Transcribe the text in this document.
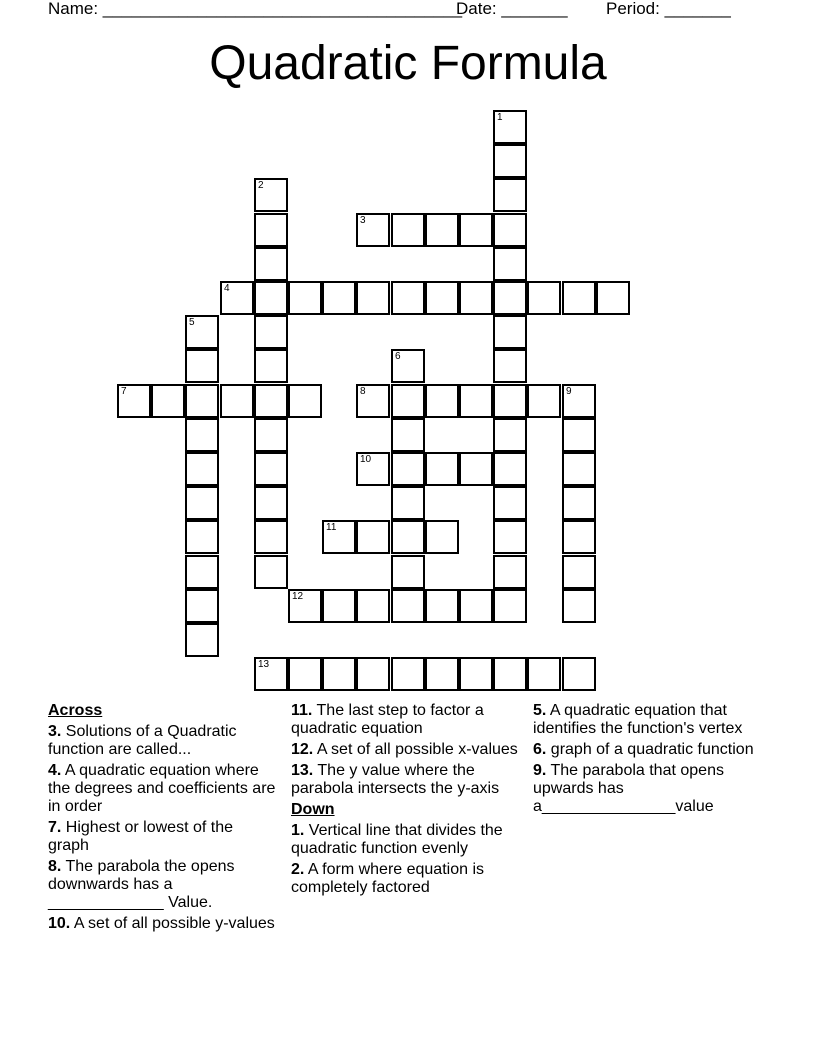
Name: ______________________________________
Date: _______ Period: _______
Quadratic Formula
1
2
3
4
5
6
7	8	9
10
11
12
13
Across
3. Solutions of a Quadratic function are called...
4. A quadratic equation where the degrees and coefficients are in order
7. Highest or lowest of the graph
8. The parabola the opens downwards has a _____________ Value.
10. A set of all possible y-values
11. The last step to factor a quadratic equation
12. A set of all possible x-values
13. The y value where the parabola intersects the y-axis
Down
1. Vertical line that divides the quadratic function evenly
2. A form where equation is completely factored
5. A quadratic equation that identifies the function's vertex
6. graph of a quadratic function
9. The parabola that opens upwards has a_______________value
